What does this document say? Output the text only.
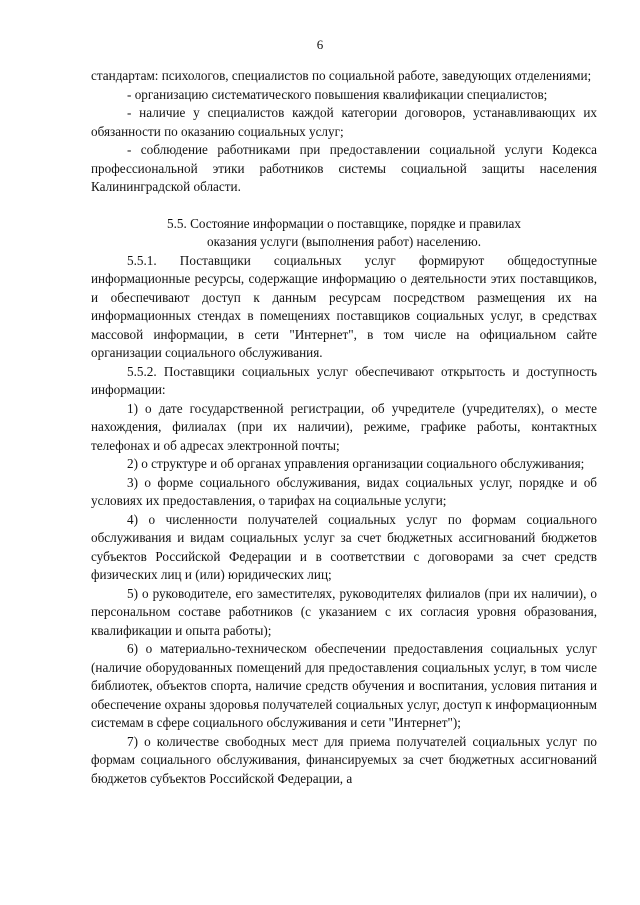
6

стандартам: психологов, специалистов по социальной работе, заведующих отделениями;

- организацию систематического повышения квалификации специалистов;

- наличие у специалистов каждой категории договоров, устанавливающих их обязанности по оказанию социальных услуг;

- соблюдение работниками при предоставлении социальной услуги Кодекса профессиональной этики работников системы социальной защиты населения Калининградской области.

5.5. Состояние информации о поставщике, порядке и правилах
оказания услуги (выполнения работ) населению.

5.5.1. Поставщики социальных услуг формируют общедоступные информационные ресурсы, содержащие информацию о деятельности этих поставщиков, и обеспечивают доступ к данным ресурсам посредством размещения их на информационных стендах в помещениях поставщиков социальных услуг, в средствах массовой информации, в сети "Интернет", в том числе на официальном сайте организации социального обслуживания.

5.5.2. Поставщики социальных услуг обеспечивают открытость и доступность информации:

1) о дате государственной регистрации, об учредителе (учредителях), о месте нахождения, филиалах (при их наличии), режиме, графике работы, контактных телефонах и об адресах электронной почты;

2) о структуре и об органах управления организации социального обслуживания;

3) о форме социального обслуживания, видах социальных услуг, порядке и об условиях их предоставления, о тарифах на социальные услуги;

4) о численности получателей социальных услуг по формам социального обслуживания и видам социальных услуг за счет бюджетных ассигнований бюджетов субъектов Российской Федерации и в соответствии с договорами за счет средств физических лиц и (или) юридических лиц;

5) о руководителе, его заместителях, руководителях филиалов (при их наличии), о персональном составе работников (с указанием с их согласия уровня образования, квалификации и опыта работы);

6) о материально-техническом обеспечении предоставления социальных услуг (наличие оборудованных помещений для предоставления социальных услуг, в том числе библиотек, объектов спорта, наличие средств обучения и воспитания, условия питания и обеспечение охраны здоровья получателей социальных услуг, доступ к информационным системам в сфере социального обслуживания и сети "Интернет");

7) о количестве свободных мест для приема получателей социальных услуг по формам социального обслуживания, финансируемых за счет бюджетных ассигнований бюджетов субъектов Российской Федерации, а
